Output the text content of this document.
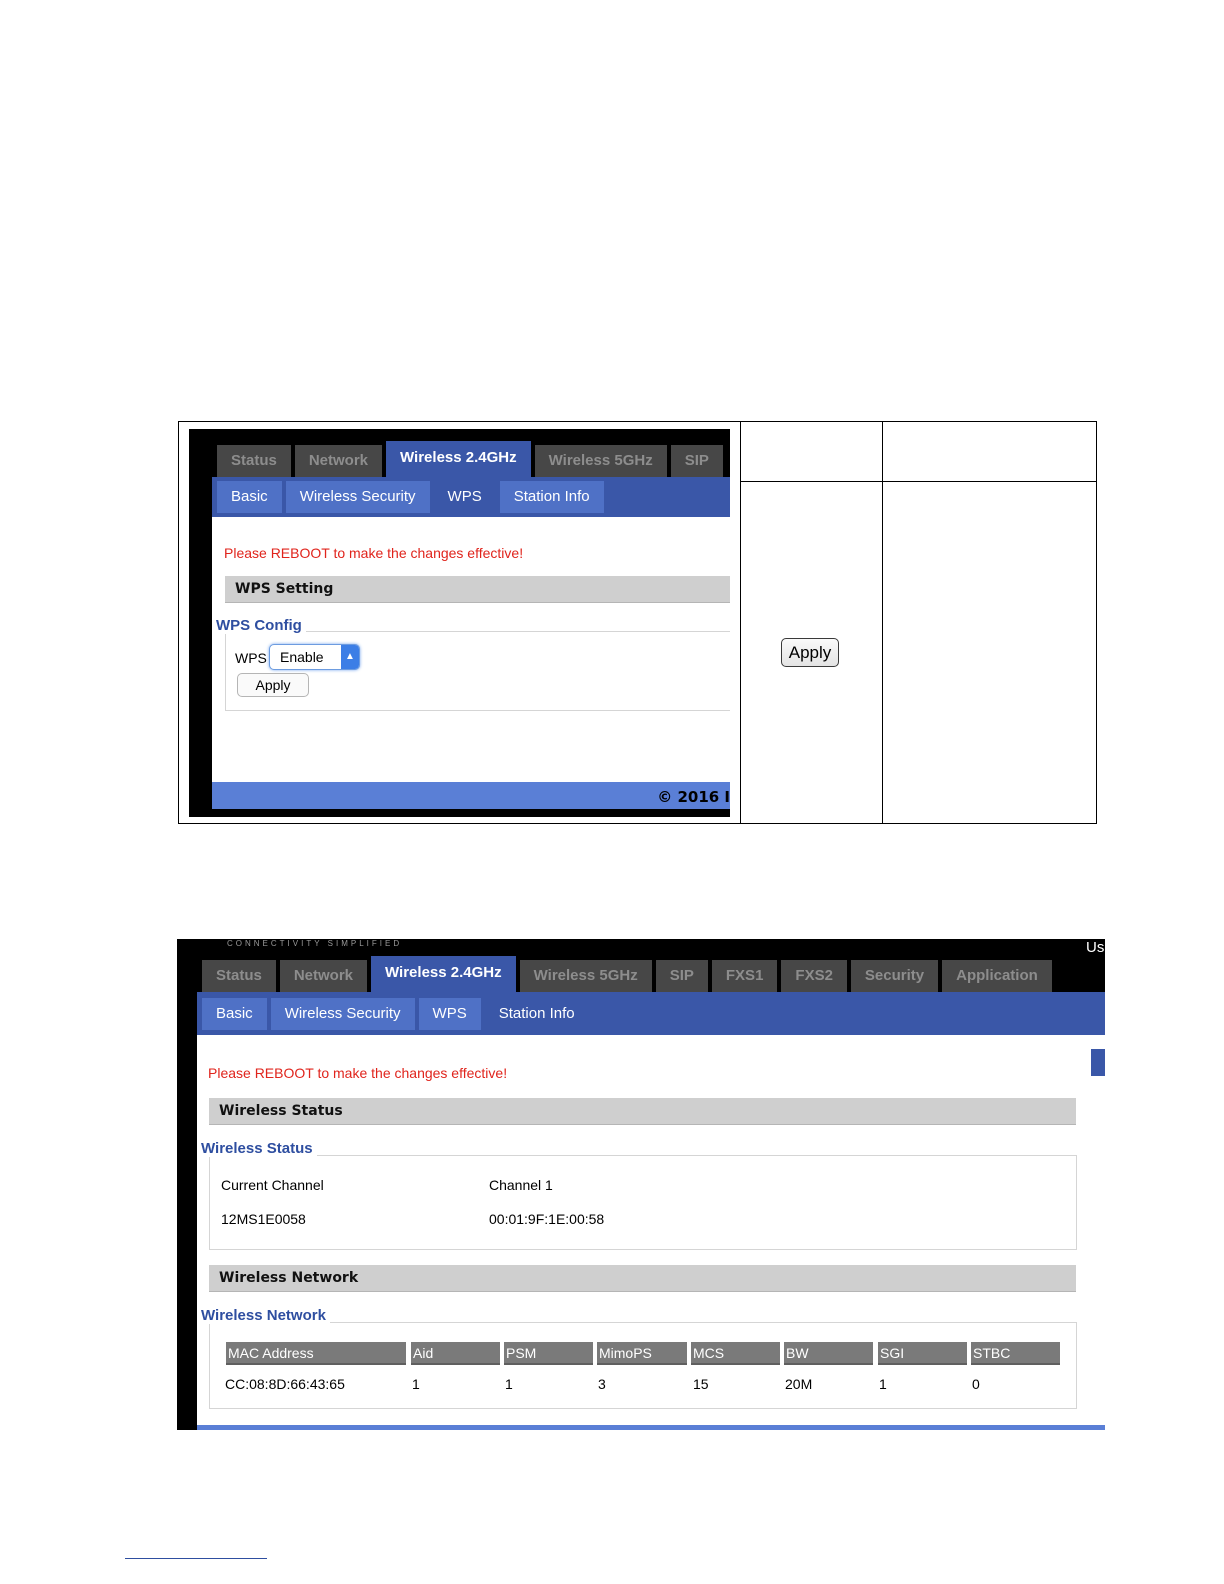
Status	Network	Wireless 2.4GHz	Wireless 5GHz	SIP
Basic	Wireless Security	WPS	Station Info
Please REBOOT to make the changes effective!
WPS Setting
WPS Config
WPS Enable	▲
▼
Apply
© 2016 I
Apply
CONNECTIVITY SIMPLIFIED	Us
Status	Network	Wireless 2.4GHz	Wireless 5GHz	SIP	FXS1	FXS2	Security	Application
Basic	Wireless Security	WPS	Station Info
Please REBOOT to make the changes effective!
Wireless Status
Wireless Status
Current Channel	Channel 1
12MS1E0058	00:01:9F:1E:00:58
Wireless Network
Wireless Network
MAC Address	Aid	PSM	MimoPS	MCS	BW	SGI	STBC
CC:08:8D:66:43:65	1	1	3	15	20M	1	0
